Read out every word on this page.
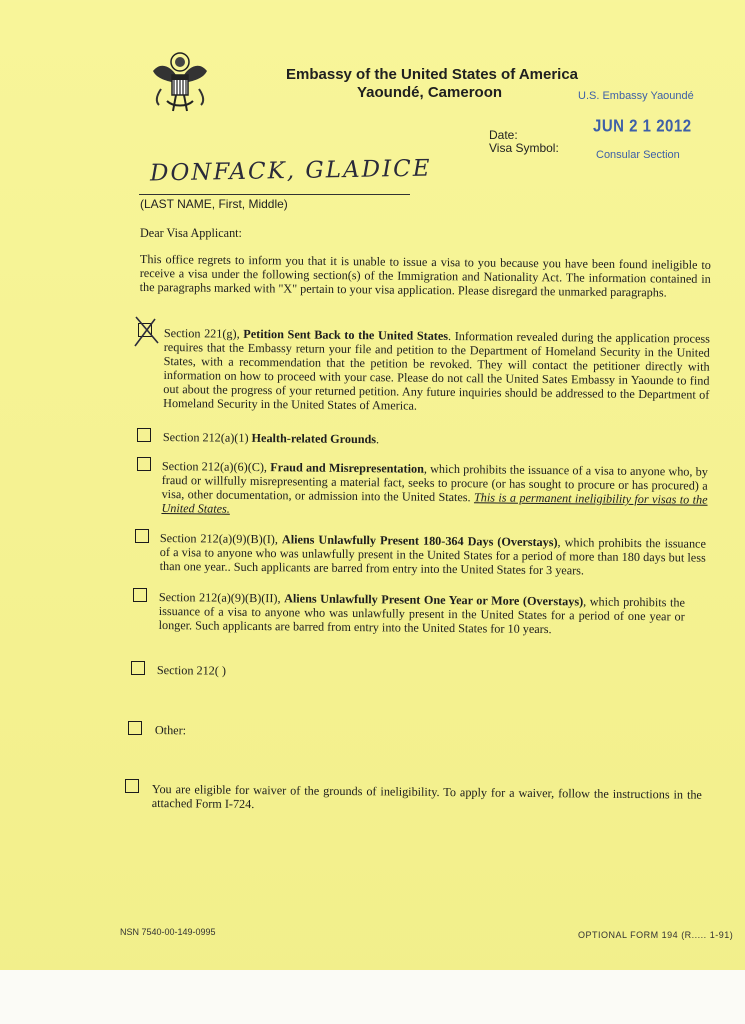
Embassy of the United States of America
Yaoundé, Cameroon	U.S. Embassy Yaoundé
JUN 2 1 2012
Consular Section
Date:
Visa Symbol:
DONFACK, GLADICE
(LAST NAME, First, Middle)
Dear Visa Applicant:
This office regrets to inform you that it is unable to issue a visa to you because you have been found ineligible to receive a visa under the following section(s) of the Immigration and Nationality Act. The information contained in the paragraphs marked with "X" pertain to your visa application. Please disregard the unmarked paragraphs.
Section 221(g), Petition Sent Back to the United States. Information revealed during the application process requires that the Embassy return your file and petition to the Department of Homeland Security in the United States, with a recommendation that the petition be revoked. They will contact the petitioner directly with information on how to proceed with your case. Please do not call the United Sates Embassy in Yaounde to find out about the progress of your returned petition. Any future inquiries should be addressed to the Department of Homeland Security in the United States of America.
Section 212(a)(1) Health-related Grounds.
Section 212(a)(6)(C), Fraud and Misrepresentation, which prohibits the issuance of a visa to anyone who, by fraud or willfully misrepresenting a material fact, seeks to procure (or has sought to procure or has procured) a visa, other documentation, or admission into the United States. This is a permanent ineligibility for visas to the United States.
Section 212(a)(9)(B)(I), Aliens Unlawfully Present 180-364 Days (Overstays), which prohibits the issuance of a visa to anyone who was unlawfully present in the United States for a period of more than 180 days but less than one year.. Such applicants are barred from entry into the United States for 3 years.
Section 212(a)(9)(B)(II), Aliens Unlawfully Present One Year or More (Overstays), which prohibits the issuance of a visa to anyone who was unlawfully present in the United States for a period of one year or longer. Such applicants are barred from entry into the United States for 10 years.
Section 212( )
Other:
You are eligible for waiver of the grounds of ineligibility. To apply for a waiver, follow the instructions in the attached Form I-724.
NSN 7540-00-149-0995	OPTIONAL FORM 194 (R..... 1-91)
